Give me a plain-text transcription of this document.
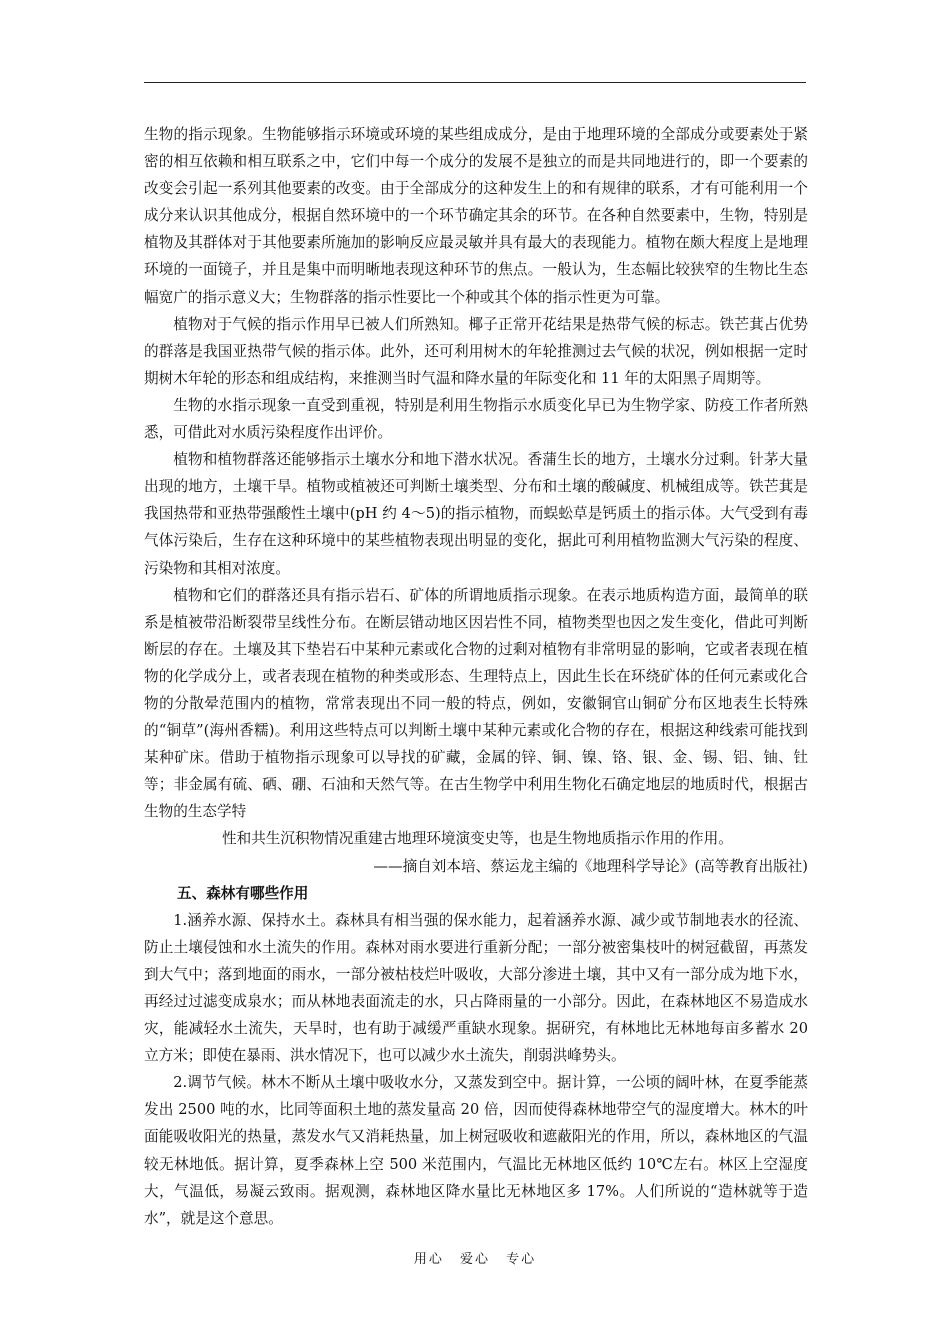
生物的指示现象。生物能够指示环境或环境的某些组成成分，是由于地理环境的全部成分或要素处于紧密的相互依赖和相互联系之中，它们中每一个成分的发展不是独立的而是共同地进行的，即一个要素的改变会引起一系列其他要素的改变。由于全部成分的这种发生上的和有规律的联系，才有可能利用一个成分来认识其他成分，根据自然环境中的一个环节确定其余的环节。在各种自然要素中，生物，特别是植物及其群体对于其他要素所施加的影响反应最灵敏并具有最大的表现能力。植物在颇大程度上是地理环境的一面镜子，并且是集中而明晰地表现这种环节的焦点。一般认为，生态幅比较狭窄的生物比生态幅宽广的指示意义大；生物群落的指示性要比一个种或其个体的指示性更为可靠。

植物对于气候的指示作用早已被人们所熟知。椰子正常开花结果是热带气候的标志。铁芒萁占优势的群落是我国亚热带气候的指示体。此外，还可利用树木的年轮推测过去气候的状况，例如根据一定时期树木年轮的形态和组成结构，来推测当时气温和降水量的年际变化和 11 年的太阳黑子周期等。

生物的水指示现象一直受到重视，特别是利用生物指示水质变化早已为生物学家、防疫工作者所熟悉，可借此对水质污染程度作出评价。

植物和植物群落还能够指示土壤水分和地下潜水状况。香蒲生长的地方，土壤水分过剩。针茅大量出现的地方，土壤干旱。植物或植被还可判断土壤类型、分布和土壤的酸碱度、机械组成等。铁芒萁是我国热带和亚热带强酸性土壤中(pH 约 4～5)的指示植物，而蜈蚣草是钙质土的指示体。大气受到有毒气体污染后，生存在这种环境中的某些植物表现出明显的变化，据此可利用植物监测大气污染的程度、污染物和其相对浓度。

植物和它们的群落还具有指示岩石、矿体的所谓地质指示现象。在表示地质构造方面，最简单的联系是植被带沿断裂带呈线性分布。在断层错动地区因岩性不同，植物类型也因之发生变化，借此可判断断层的存在。土壤及其下垫岩石中某种元素或化合物的过剩对植物有非常明显的影响，它或者表现在植物的化学成分上，或者表现在植物的种类或形态、生理特点上，因此生长在环绕矿体的任何元素或化合物的分散晕范围内的植物，常常表现出不同一般的特点，例如，安徽铜官山铜矿分布区地表生长特殊的“铜草”(海州香糯)。利用这些特点可以判断土壤中某种元素或化合物的存在，根据这种线索可能找到某种矿床。借助于植物指示现象可以导找的矿藏，金属的锌、铜、镍、铬、银、金、锡、铝、铀、钍等；非金属有硫、硒、硼、石油和天然气等。在古生物学中利用生物化石确定地层的地质时代，根据古生物的生态学特

性和共生沉积物情况重建古地理环境演变史等，也是生物地质指示作用的作用。

——摘自刘本培、蔡运龙主编的《地理科学导论》(高等教育出版社)

五、森林有哪些作用

1.涵养水源、保持水土。森林具有相当强的保水能力，起着涵养水源、减少或节制地表水的径流、防止土壤侵蚀和水土流失的作用。森林对雨水要进行重新分配；一部分被密集枝叶的树冠截留，再蒸发到大气中；落到地面的雨水，一部分被枯枝烂叶吸收，大部分渗进土壤，其中又有一部分成为地下水，再经过过滤变成泉水；而从林地表面流走的水，只占降雨量的一小部分。因此，在森林地区不易造成水灾，能减轻水土流失，天旱时，也有助于减缓严重缺水现象。据研究，有林地比无林地每亩多蓄水 20 立方米；即使在暴雨、洪水情况下，也可以减少水土流失，削弱洪峰势头。

2.调节气候。林木不断从土壤中吸收水分，又蒸发到空中。据计算，一公顷的阔叶林，在夏季能蒸发出 2500 吨的水，比同等面积土地的蒸发量高 20 倍，因而使得森林地带空气的湿度增大。林木的叶面能吸收阳光的热量，蒸发水气又消耗热量，加上树冠吸收和遮蔽阳光的作用，所以，森林地区的气温较无林地低。据计算，夏季森林上空 500 米范围内，气温比无林地区低约 10℃左右。林区上空湿度大，气温低，易凝云致雨。据观测，森林地区降水量比无林地区多 17%。人们所说的“造林就等于造水”，就是这个意思。

用心 爱心 专心
